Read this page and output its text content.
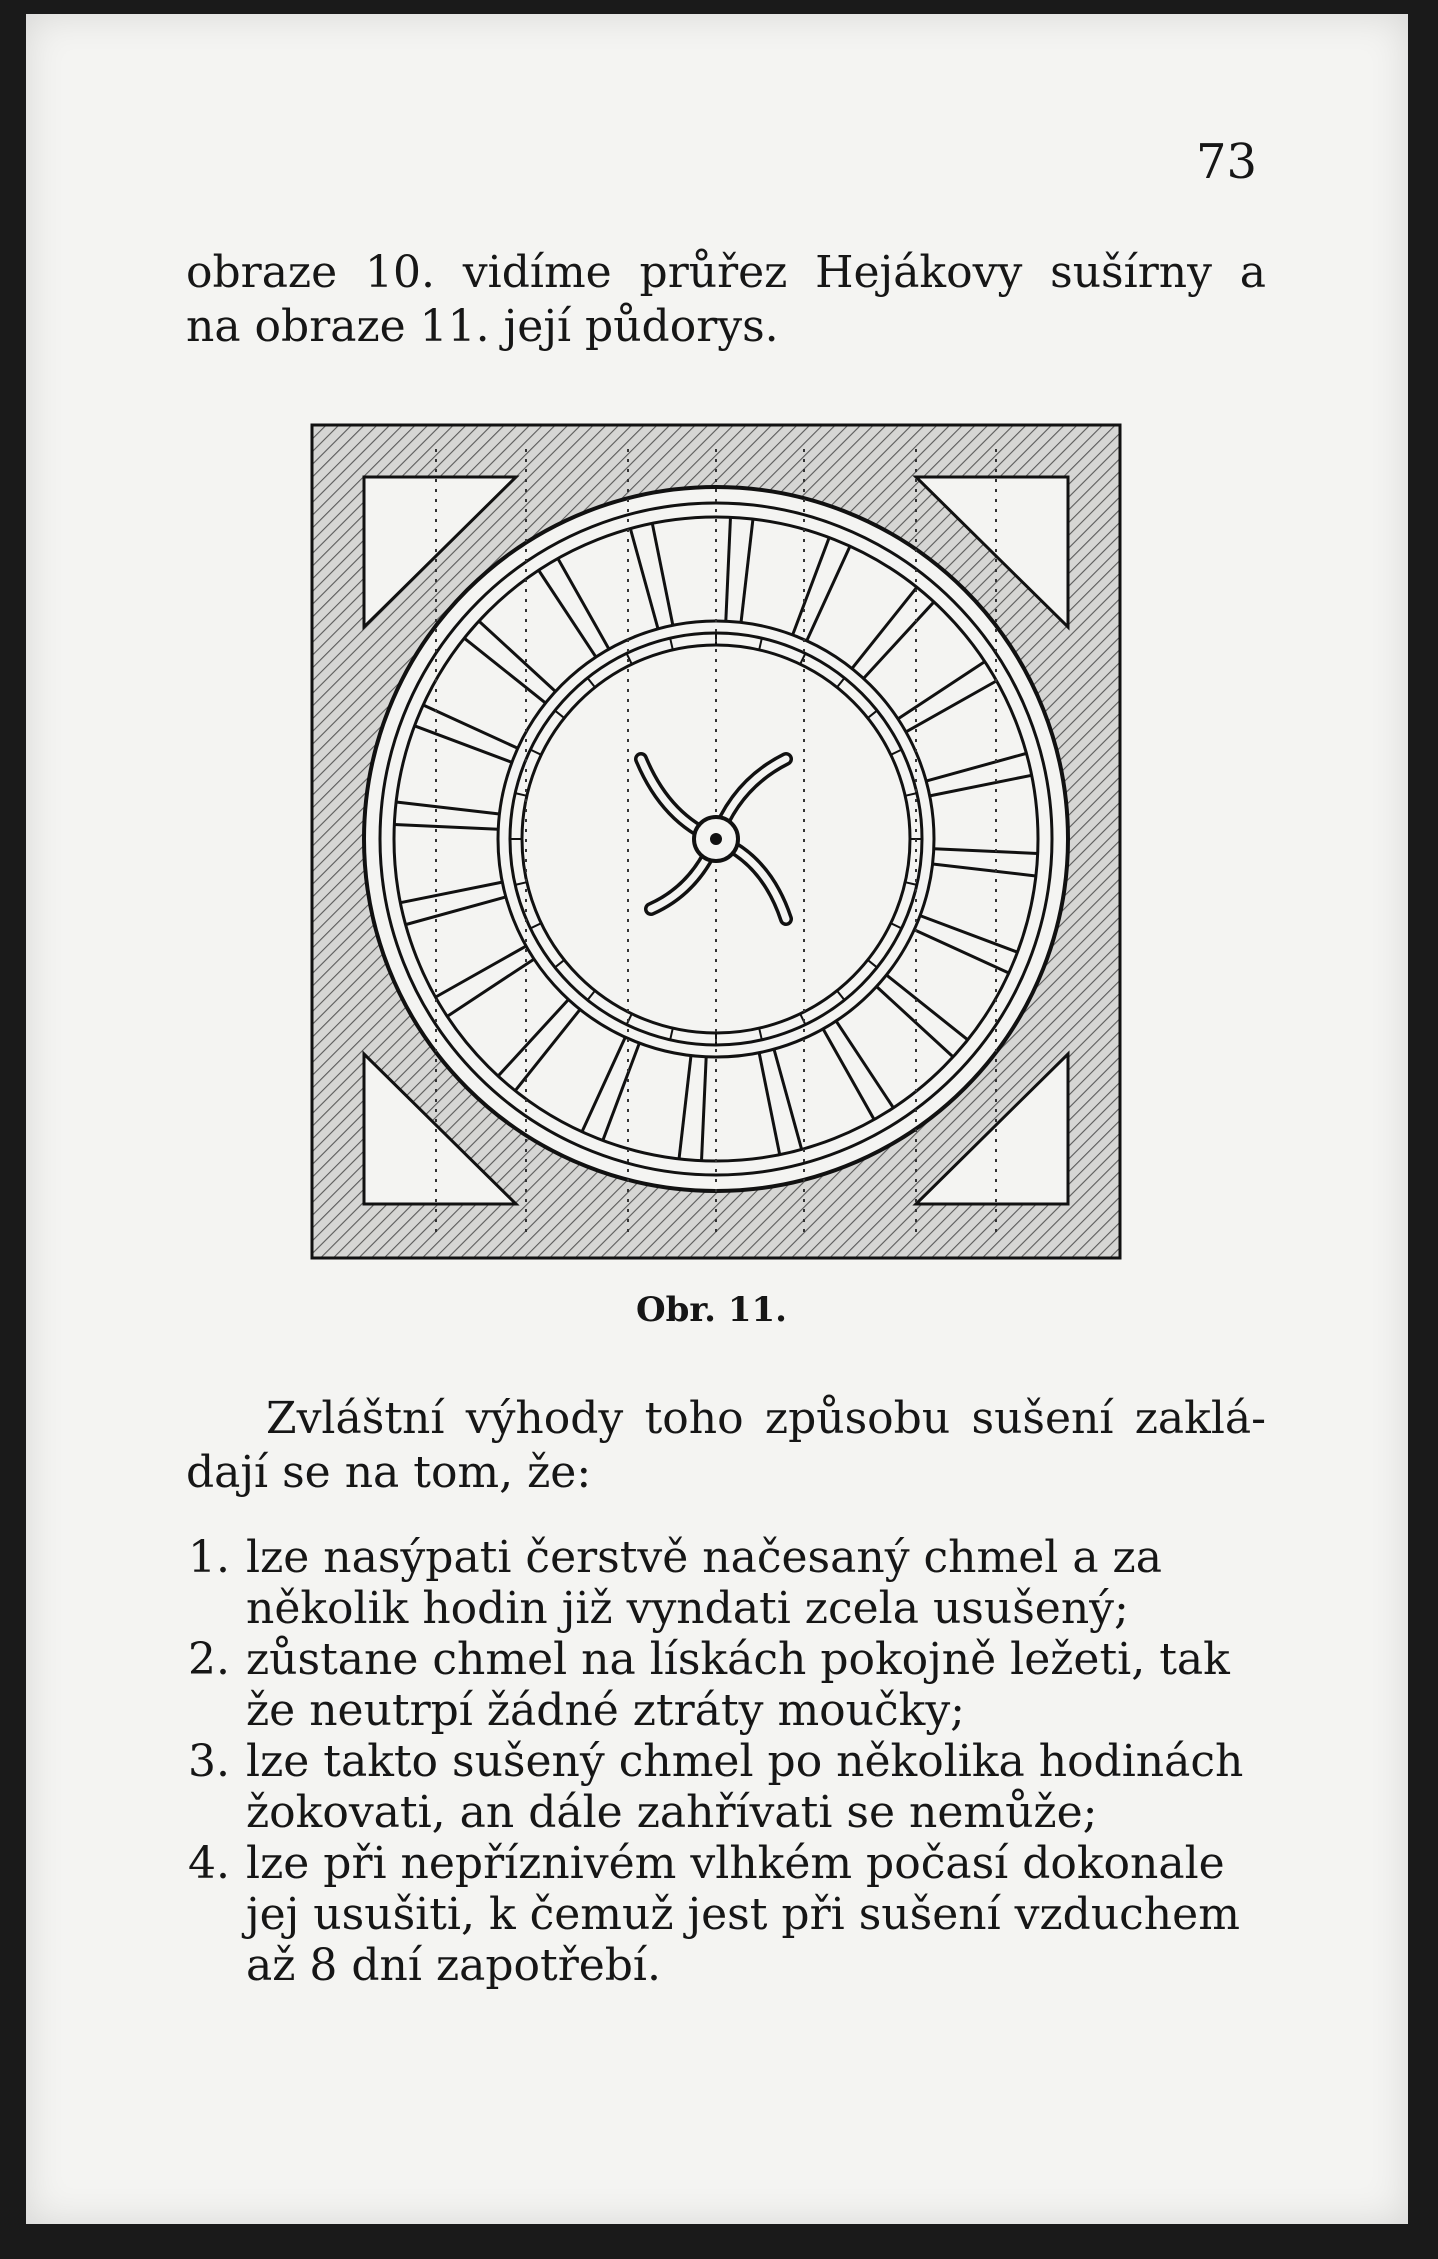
73
obraze 10. vidíme průřez Hejákovy sušírny a
na obraze 11. její půdorys.
Obr. 11.
Zvláštní výhody toho způsobu sušení zaklá-
dají se na tom, že:
1. lze nasýpati čerstvě načesaný chmel a za několik hodin již vyndati zcela usušený;
2. zůstane chmel na lískách pokojně ležeti, tak že neutrpí žádné ztráty moučky;
3. lze takto sušený chmel po několika hodinách žokovati, an dále zahřívati se nemůže;
4. lze při nepříznivém vlhkém počasí dokonale jej usušiti, k čemuž jest při sušení vzduchem až 8 dní zapotřebí.
